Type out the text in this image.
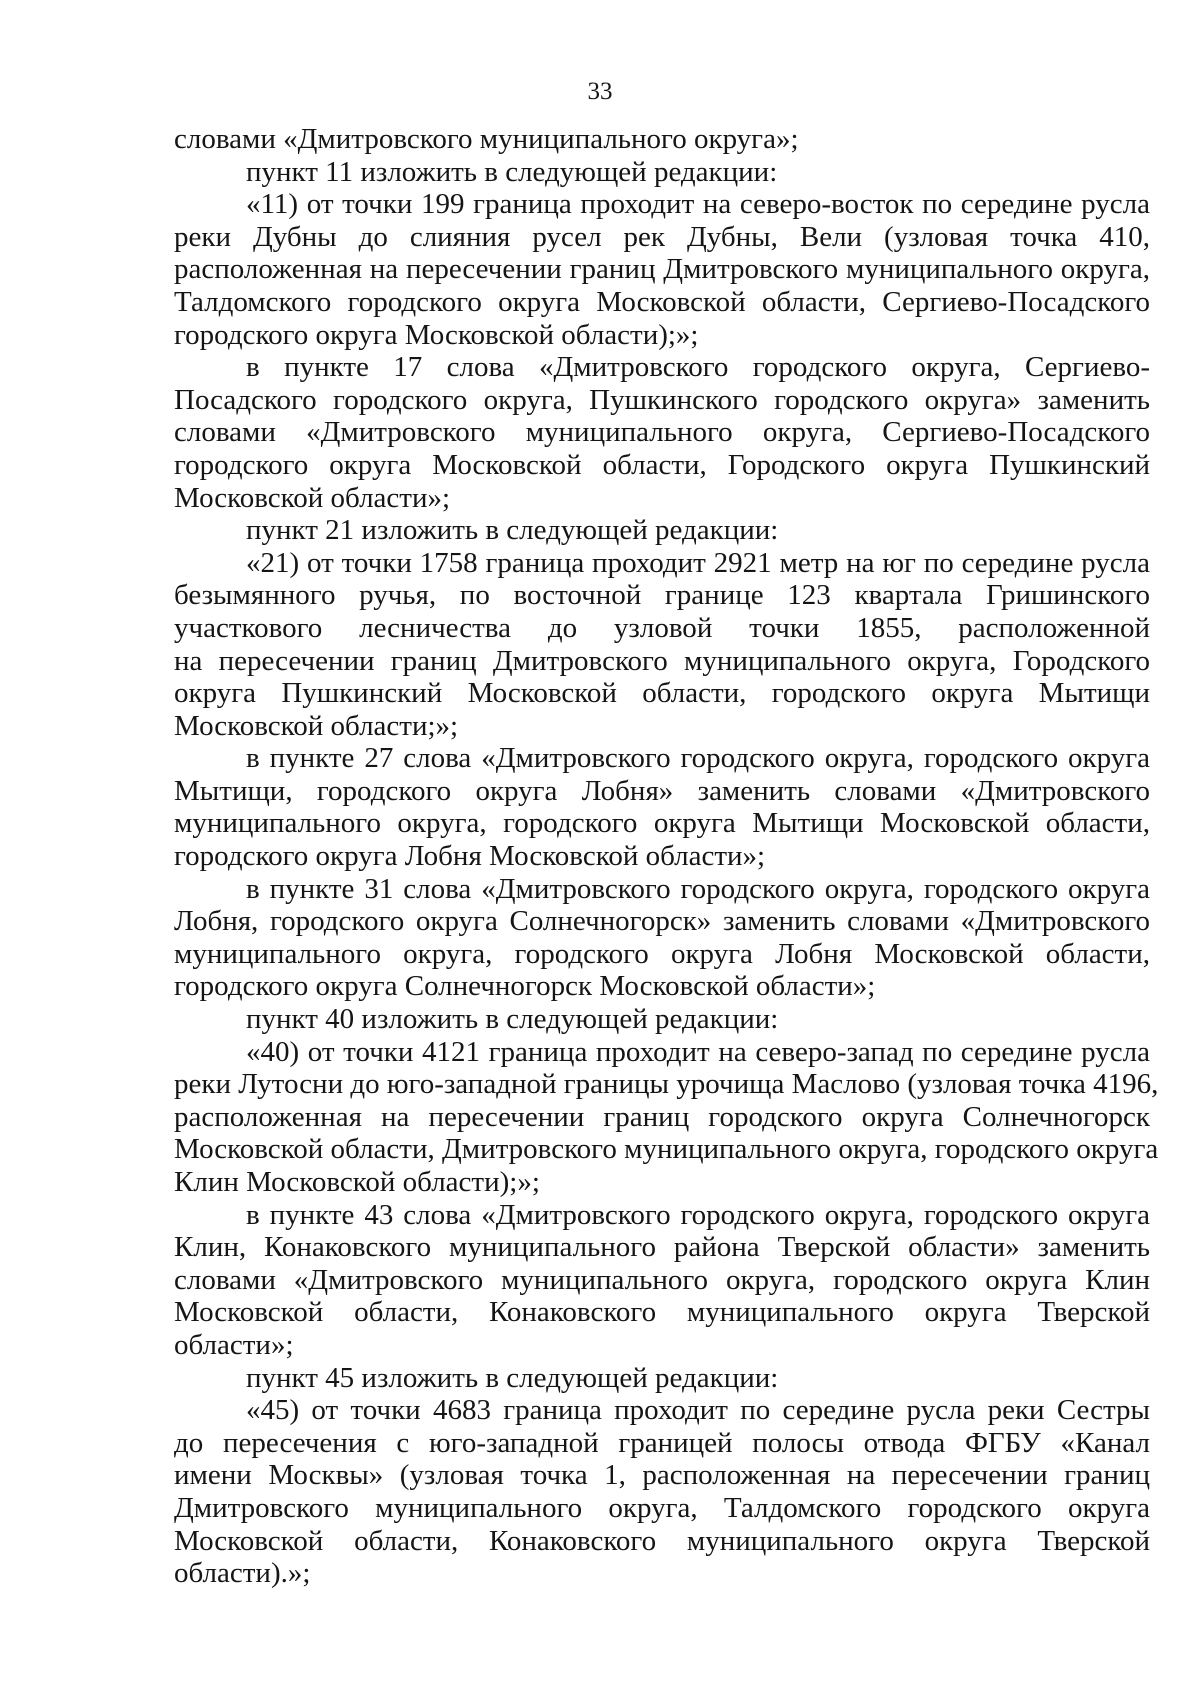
33
словами «Дмитровского муниципального округа»;
пункт 11 изложить в следующей редакции:
«11) от точки 199 граница проходит на северо-восток по середине русла
реки Дубны до слияния русел рек Дубны, Вели (узловая точка 410,
расположенная на пересечении границ Дмитровского муниципального округа,
Талдомского городского округа Московской области, Сергиево-Посадского
городского округа Московской области);»;
в пункте 17 слова «Дмитровского городского округа, Сергиево-
Посадского городского округа, Пушкинского городского округа» заменить
словами «Дмитровского муниципального округа, Сергиево-Посадского
городского округа Московской области, Городского округа Пушкинский
Московской области»;
пункт 21 изложить в следующей редакции:
«21) от точки 1758 граница проходит 2921 метр на юг по середине русла
безымянного ручья, по восточной границе 123 квартала Гришинского
участкового лесничества до узловой точки 1855, расположенной
на пересечении границ Дмитровского муниципального округа, Городского
округа Пушкинский Московской области, городского округа Мытищи
Московской области;»;
в пункте 27 слова «Дмитровского городского округа, городского округа
Мытищи, городского округа Лобня» заменить словами «Дмитровского
муниципального округа, городского округа Мытищи Московской области,
городского округа Лобня Московской области»;
в пункте 31 слова «Дмитровского городского округа, городского округа
Лобня, городского округа Солнечногорск» заменить словами «Дмитровского
муниципального округа, городского округа Лобня Московской области,
городского округа Солнечногорск Московской области»;
пункт 40 изложить в следующей редакции:
«40) от точки 4121 граница проходит на северо-запад по середине русла
реки Лутосни до юго-западной границы урочища Маслово (узловая точка 4196,
расположенная на пересечении границ городского округа Солнечногорск
Московской области, Дмитровского муниципального округа, городского округа
Клин Московской области);»;
в пункте 43 слова «Дмитровского городского округа, городского округа
Клин, Конаковского муниципального района Тверской области» заменить
словами «Дмитровского муниципального округа, городского округа Клин
Московской области, Конаковского муниципального округа Тверской
области»;
пункт 45 изложить в следующей редакции:
«45) от точки 4683 граница проходит по середине русла реки Сестры
до пересечения с юго-западной границей полосы отвода ФГБУ «Канал
имени Москвы» (узловая точка 1, расположенная на пересечении границ
Дмитровского муниципального округа, Талдомского городского округа
Московской области, Конаковского муниципального округа Тверской
области).»;
